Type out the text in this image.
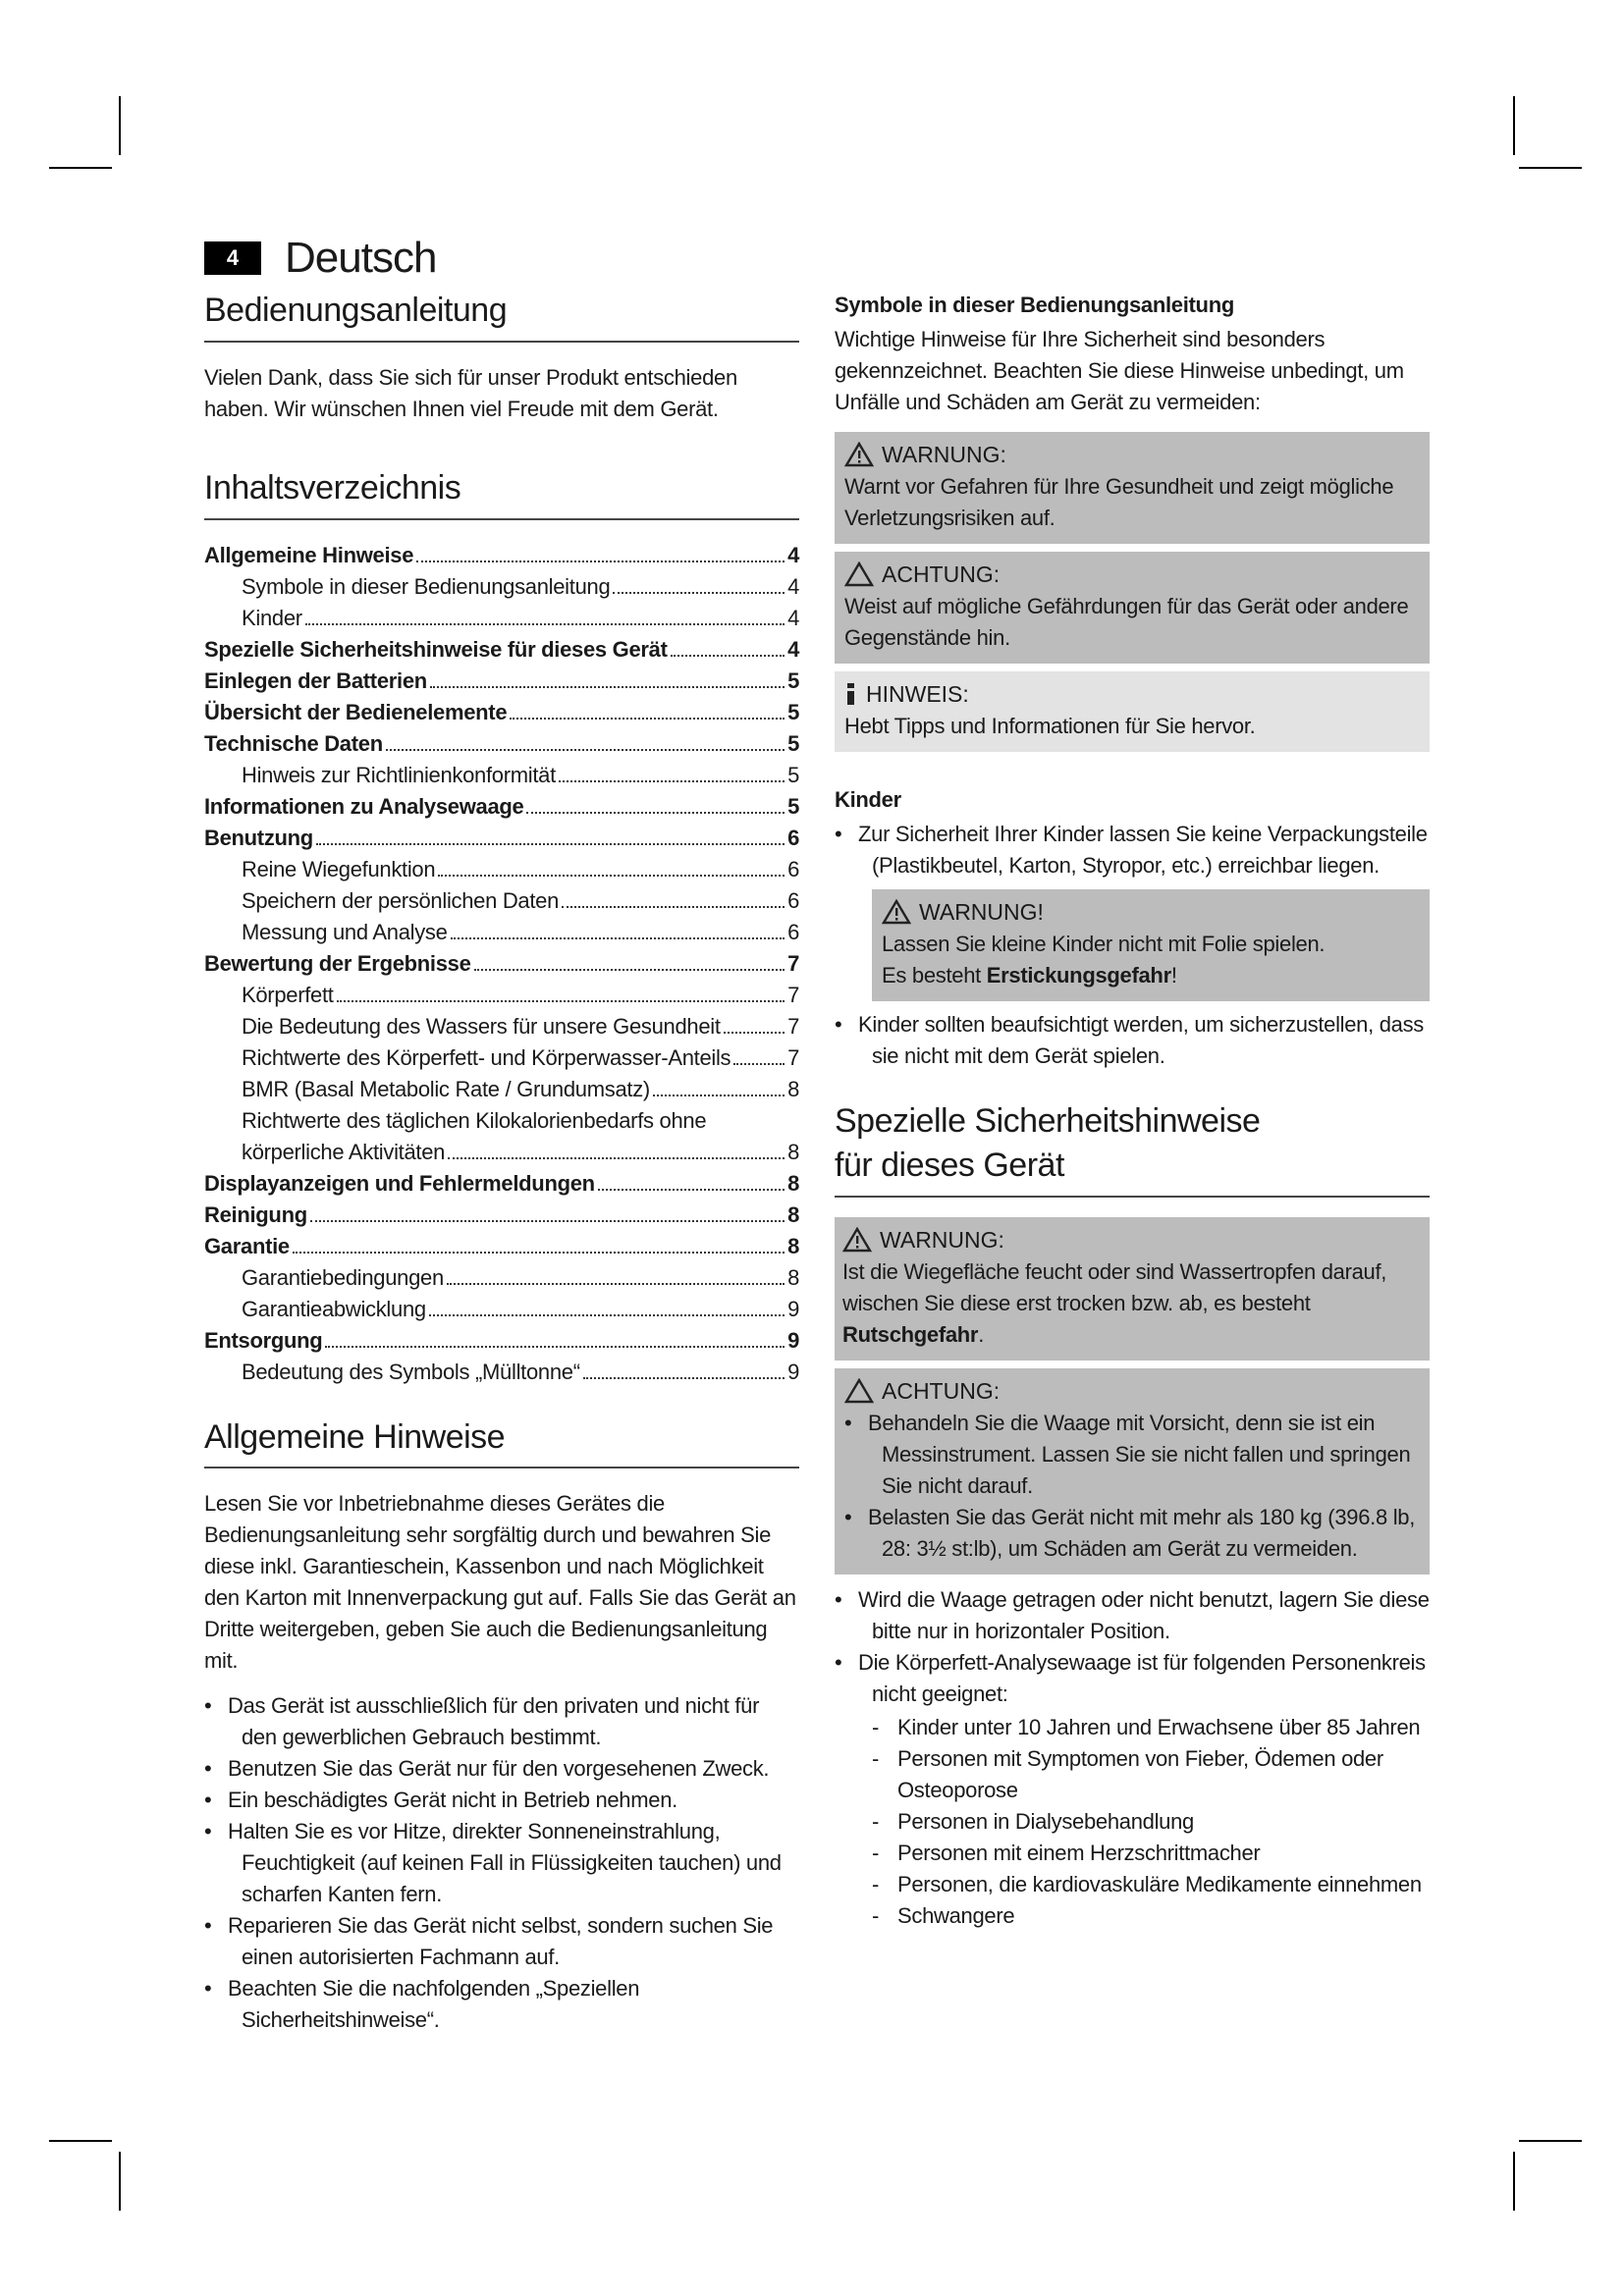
4	Deutsch
Bedienungsanleitung

Vielen Dank, dass Sie sich für unser Produkt entschieden haben. Wir wünschen Ihnen viel Freude mit dem Gerät.

Inhaltsverzeichnis
Allgemeine Hinweise	4
Symbole in dieser Bedienungsanleitung	4
Kinder	4
Spezielle Sicherheitshinweise für dieses Gerät	4
Einlegen der Batterien	5
Übersicht der Bedienelemente	5
Technische Daten	5
Hinweis zur Richtlinienkonformität	5
Informationen zu Analysewaage	5
Benutzung	6
Reine Wiegefunktion	6
Speichern der persönlichen Daten	6
Messung und Analyse	6
Bewertung der Ergebnisse	7
Körperfett	7
Die Bedeutung des Wassers für unsere Gesundheit	7
Richtwerte des Körperfett- und Körperwasser-Anteils	7
BMR (Basal Metabolic Rate / Grundumsatz)	8
Richtwerte des täglichen Kilokalorienbedarfs ohne
körperliche Aktivitäten	8
Displayanzeigen und Fehlermeldungen	8
Reinigung	8
Garantie	8
Garantiebedingungen	8
Garantieabwicklung	9
Entsorgung	9
Bedeutung des Symbols „Mülltonne“	9
Allgemeine Hinweise

Lesen Sie vor Inbetriebnahme dieses Gerätes die Bedienungsanleitung sehr sorgfältig durch und bewahren Sie diese inkl. Garantieschein, Kassenbon und nach Möglichkeit den Karton mit Innenverpackung gut auf. Falls Sie das Gerät an Dritte weitergeben, geben Sie auch die Bedienungsanleitung mit.

• Das Gerät ist ausschließlich für den privaten und nicht für den gewerblichen Gebrauch bestimmt.
• Benutzen Sie das Gerät nur für den vorgesehenen Zweck.
• Ein beschädigtes Gerät nicht in Betrieb nehmen.
• Halten Sie es vor Hitze, direkter Sonneneinstrahlung, Feuchtigkeit (auf keinen Fall in Flüssigkeiten tauchen) und scharfen Kanten fern.
• Reparieren Sie das Gerät nicht selbst, sondern suchen Sie einen autorisierten Fachmann auf.
• Beachten Sie die nachfolgenden „Speziellen Sicherheitshinweise“.
Symbole in dieser Bedienungsanleitung

Wichtige Hinweise für Ihre Sicherheit sind besonders gekennzeichnet. Beachten Sie diese Hinweise unbedingt, um Unfälle und Schäden am Gerät zu vermeiden:

WARNUNG:
Warnt vor Gefahren für Ihre Gesundheit und zeigt mögliche Verletzungsrisiken auf.
ACHTUNG:
Weist auf mögliche Gefährdungen für das Gerät oder andere Gegenstände hin.
HINWEIS:
Hebt Tipps und Informationen für Sie hervor.
Kinder
• Zur Sicherheit Ihrer Kinder lassen Sie keine Verpackungsteile (Plastikbeutel, Karton, Styropor, etc.) erreichbar liegen.
WARNUNG!
Lassen Sie kleine Kinder nicht mit Folie spielen.
Es besteht Erstickungsgefahr!
• Kinder sollten beaufsichtigt werden, um sicherzustellen, dass sie nicht mit dem Gerät spielen.
Spezielle Sicherheitshinweise
für dieses Gerät
WARNUNG:
Ist die Wiegefläche feucht oder sind Wassertropfen darauf, wischen Sie diese erst trocken bzw. ab, es besteht Rutschgefahr.
ACHTUNG:
• Behandeln Sie die Waage mit Vorsicht, denn sie ist ein Messinstrument. Lassen Sie sie nicht fallen und springen Sie nicht darauf.
• Belasten Sie das Gerät nicht mit mehr als 180 kg (396.8 lb, 28: 3½ st:lb), um Schäden am Gerät zu vermeiden.
• Wird die Waage getragen oder nicht benutzt, lagern Sie diese bitte nur in horizontaler Position.
• Die Körperfett-Analysewaage ist für folgenden Personenkreis nicht geeignet:
- Kinder unter 10 Jahren und Erwachsene über 85 Jahren
- Personen mit Symptomen von Fieber, Ödemen oder Osteoporose
- Personen in Dialysebehandlung
- Personen mit einem Herzschrittmacher
- Personen, die kardiovaskuläre Medikamente einnehmen
- Schwangere
